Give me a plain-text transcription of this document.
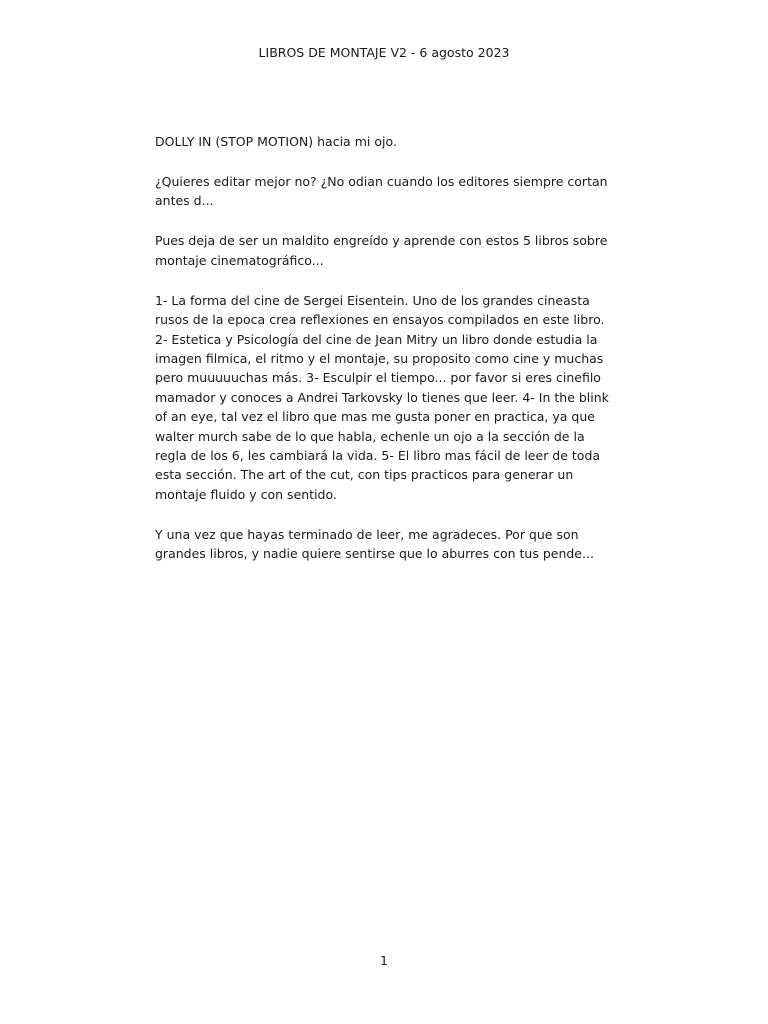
LIBROS DE MONTAJE V2 - 6 agosto 2023

DOLLY IN (STOP MOTION) hacia mi ojo.

¿Quieres editar mejor no? ¿No odian cuando los editores siempre cortan antes d...

Pues deja de ser un maldito engreído y aprende con estos 5 libros sobre montaje cinematográfico...

1- La forma del cine de Sergei Eisentein. Uno de los grandes cineasta rusos de la epoca crea reflexiones en ensayos compilados en este libro. 2- Estetica y Psicología del cine de Jean Mitry un libro donde estudia la imagen filmica, el ritmo y el montaje, su proposito como cine y muchas pero muuuuuchas más. 3- Esculpir el tiempo... por favor si eres cinefilo mamador y conoces a Andrei Tarkovsky lo tienes que leer. 4- In the blink of an eye, tal vez el libro que mas me gusta poner en practica, ya que walter murch sabe de lo que habla, echenle un ojo a la sección de la regla de los 6, les cambiará la vida. 5- El libro mas fácil de leer de toda esta sección. The art of the cut, con tips practicos para generar un montaje fluido y con sentido.

Y una vez que hayas terminado de leer, me agradeces. Por que son grandes libros, y nadie quiere sentirse que lo aburres con tus pende...

1
